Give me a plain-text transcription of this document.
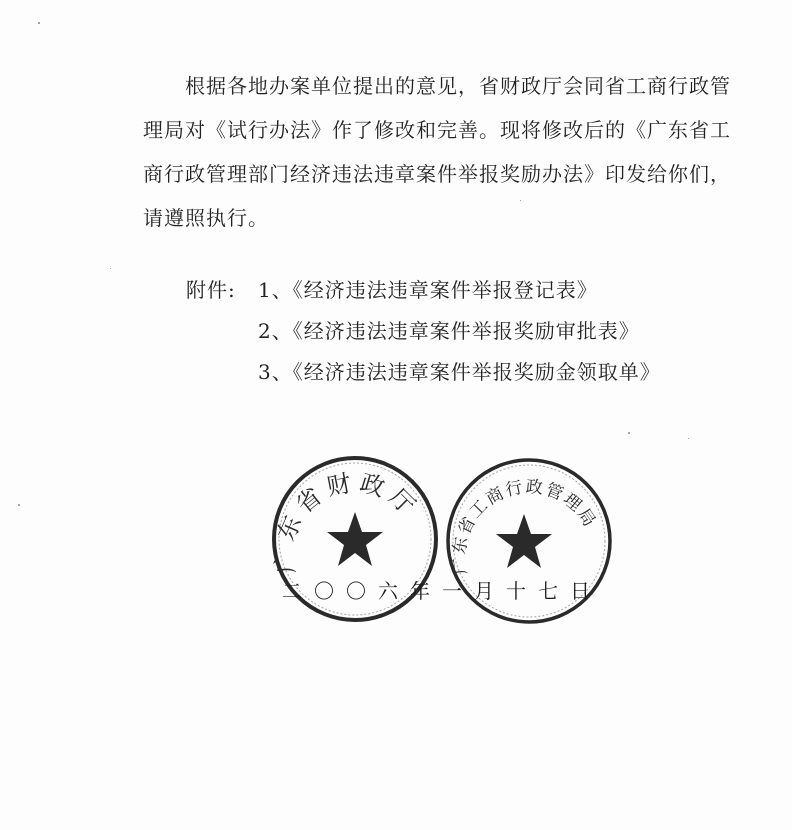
根据各地办案单位提出的意见，省财政厅会同省工商行政管
理局对《试行办法》作了修改和完善。现将修改后的《广东省工
商行政管理部门经济违法违章案件举报奖励办法》印发给你们，
请遵照执行。
附件: 1、《经济违法违章案件举报登记表》
2、《经济违法违章案件举报奖励审批表》
3、《经济违法违章案件举报奖励金领取单》
广东省财政厅
广东省工商行政管理局
二〇〇六年一月十七日
